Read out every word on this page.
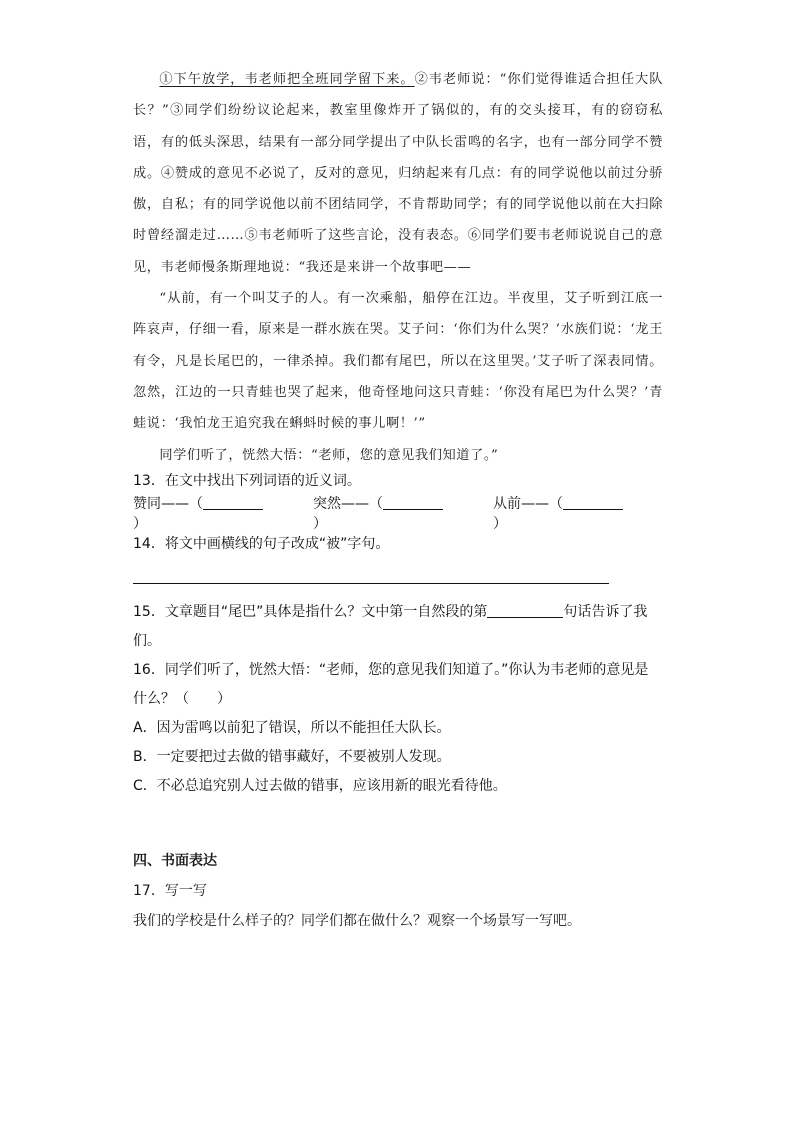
①下午放学，韦老师把全班同学留下来。②韦老师说：“你们觉得谁适合担任大队长？”③同学们纷纷议论起来，教室里像炸开了锅似的，有的交头接耳，有的窃窃私语，有的低头深思，结果有一部分同学提出了中队长雷鸣的名字，也有一部分同学不赞成。④赞成的意见不必说了，反对的意见，归纳起来有几点：有的同学说他以前过分骄傲，自私；有的同学说他以前不团结同学，不肯帮助同学；有的同学说他以前在大扫除时曾经溜走过……⑤韦老师听了这些言论，没有表态。⑥同学们要韦老师说说自己的意见，韦老师慢条斯理地说：“我还是来讲一个故事吧——

“从前，有一个叫艾子的人。有一次乘船，船停在江边。半夜里，艾子听到江底一阵哀声，仔细一看，原来是一群水族在哭。艾子问：‘你们为什么哭？’水族们说：‘龙王有令，凡是长尾巴的，一律杀掉。我们都有尾巴，所以在这里哭。’艾子听了深表同情。忽然，江边的一只青蛙也哭了起来，他奇怪地问这只青蛙：‘你没有尾巴为什么哭？’青蛙说：‘我怕龙王追究我在蝌蚪时候的事儿啊！’”

同学们听了，恍然大悟：“老师，您的意见我们知道了。”

13．在文中找出下列词语的近义词。
赞同——（）
突然——（）
从前——（）
14．将文中画横线的句子改成“被”字句。
15．文章题目“尾巴”具体是指什么？文中第一自然段的第	句话告诉了我
们。
16．同学们听了，恍然大悟：“老师，您的意见我们知道了。”你认为韦老师的意见是
什么？（　　）
A．因为雷鸣以前犯了错误，所以不能担任大队长。
B．一定要把过去做的错事藏好，不要被别人发现。
C．不必总追究别人过去做的错事，应该用新的眼光看待他。
四、书面表达
17．写一写
我们的学校是什么样子的？同学们都在做什么？观察一个场景写一写吧。
